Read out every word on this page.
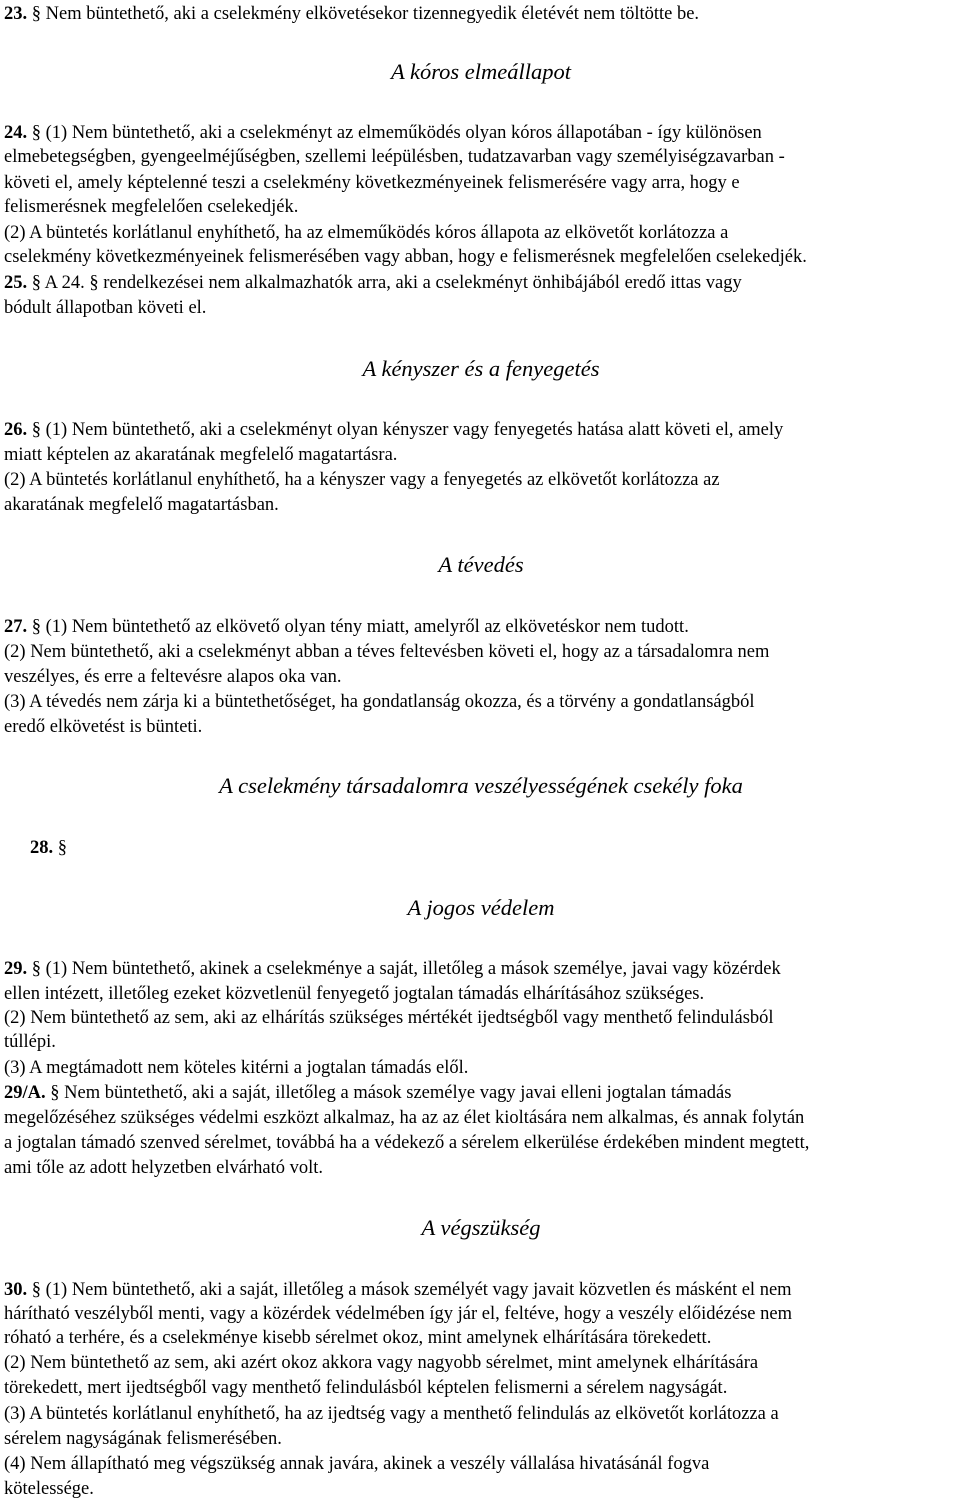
23. § Nem büntethető, aki a cselekmény elkövetésekor tizennegyedik életévét nem töltötte be.
A kóros elmeállapot
24. § (1) Nem büntethető, aki a cselekményt az elmeműködés olyan kóros állapotában - így különösen
elmebetegségben, gyengeelméjűségben, szellemi leépülésben, tudatzavarban vagy személyiségzavarban -
követi el, amely képtelenné teszi a cselekmény következményeinek felismerésére vagy arra, hogy e
felismerésnek megfelelően cselekedjék.
(2) A büntetés korlátlanul enyhíthető, ha az elmeműködés kóros állapota az elkövetőt korlátozza a
cselekmény következményeinek felismerésében vagy abban, hogy e felismerésnek megfelelően cselekedjék.
25. § A 24. § rendelkezései nem alkalmazhatók arra, aki a cselekményt önhibájából eredő ittas vagy
bódult állapotban követi el.
A kényszer és a fenyegetés
26. § (1) Nem büntethető, aki a cselekményt olyan kényszer vagy fenyegetés hatása alatt követi el, amely
miatt képtelen az akaratának megfelelő magatartásra.
(2) A büntetés korlátlanul enyhíthető, ha a kényszer vagy a fenyegetés az elkövetőt korlátozza az
akaratának megfelelő magatartásban.
A tévedés
27. § (1) Nem büntethető az elkövető olyan tény miatt, amelyről az elkövetéskor nem tudott.
(2) Nem büntethető, aki a cselekményt abban a téves feltevésben követi el, hogy az a társadalomra nem
veszélyes, és erre a feltevésre alapos oka van.
(3) A tévedés nem zárja ki a büntethetőséget, ha gondatlanság okozza, és a törvény a gondatlanságból
eredő elkövetést is bünteti.
A cselekmény társadalomra veszélyességének csekély foka
28. §
A jogos védelem
29. § (1) Nem büntethető, akinek a cselekménye a saját, illetőleg a mások személye, javai vagy közérdek
ellen intézett, illetőleg ezeket közvetlenül fenyegető jogtalan támadás elhárításához szükséges.
(2) Nem büntethető az sem, aki az elhárítás szükséges mértékét ijedtségből vagy menthető felindulásból
túllépi.
(3) A megtámadott nem köteles kitérni a jogtalan támadás elől.
29/A. § Nem büntethető, aki a saját, illetőleg a mások személye vagy javai elleni jogtalan támadás
megelőzéséhez szükséges védelmi eszközt alkalmaz, ha az az élet kioltására nem alkalmas, és annak folytán
a jogtalan támadó szenved sérelmet, továbbá ha a védekező a sérelem elkerülése érdekében mindent megtett,
ami tőle az adott helyzetben elvárható volt.
A végszükség
30. § (1) Nem büntethető, aki a saját, illetőleg a mások személyét vagy javait közvetlen és másként el nem
hárítható veszélyből menti, vagy a közérdek védelmében így jár el, feltéve, hogy a veszély előidézése nem
róható a terhére, és a cselekménye kisebb sérelmet okoz, mint amelynek elhárítására törekedett.
(2) Nem büntethető az sem, aki azért okoz akkora vagy nagyobb sérelmet, mint amelynek elhárítására
törekedett, mert ijedtségből vagy menthető felindulásból képtelen felismerni a sérelem nagyságát.
(3) A büntetés korlátlanul enyhíthető, ha az ijedtség vagy a menthető felindulás az elkövetőt korlátozza a
sérelem nagyságának felismerésében.
(4) Nem állapítható meg végszükség annak javára, akinek a veszély vállalása hivatásánál fogva
kötelessége.
